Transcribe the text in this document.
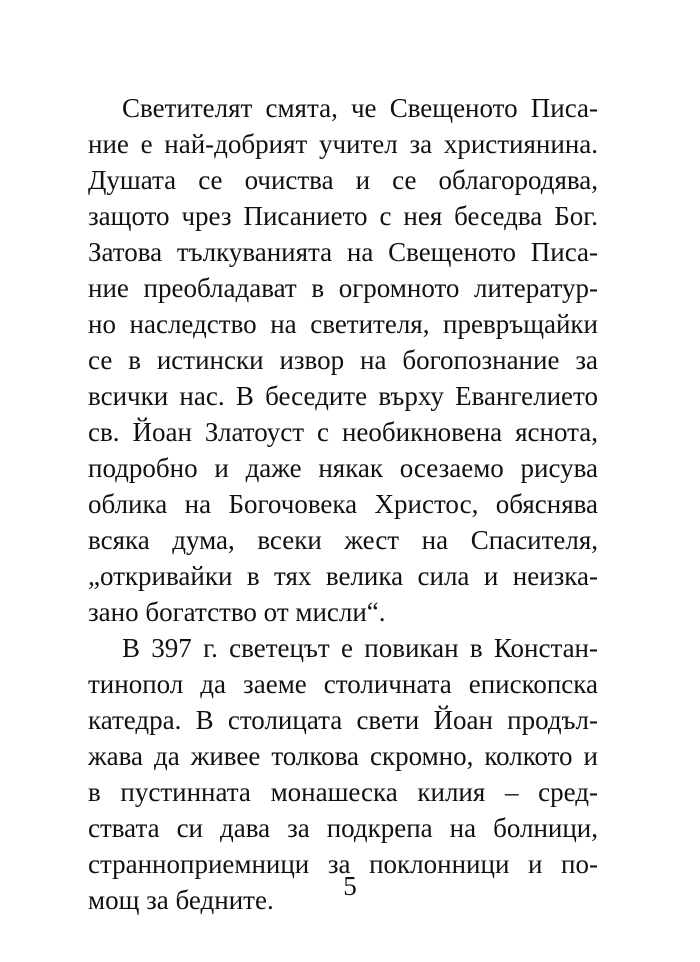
Светителят смята, че Свещеното Писа-
ние е най-добрият учител за християнина.
Душата се очиства и се облагородява,
защото чрез Писанието с нея беседва Бог.
Затова тълкуванията на Свещеното Писа-
ние преобладават в огромното литератур-
но наследство на светителя, превръщайки
се в истински извор на богопознание за
всички нас. В беседите върху Евангелието
св. Йоан Златоуст с необикновена яснота,
подробно и даже някак осезаемо рисува
облика на Богочовека Христос, обяснява
всяка дума, всеки жест на Спасителя,
„откривайки в тях велика сила и неизка-
зано богатство от мисли“.
В 397 г. светецът е повикан в Констан-
тинопол да заеме столичната епископска
катедра. В столицата свети Йоан продъл-
жава да живее толкова скромно, колкото и
в пустинната монашеска килия – сред-
ствата си дава за подкрепа на болници,
странноприемници за поклонници и по-
мощ за бедните.	5
